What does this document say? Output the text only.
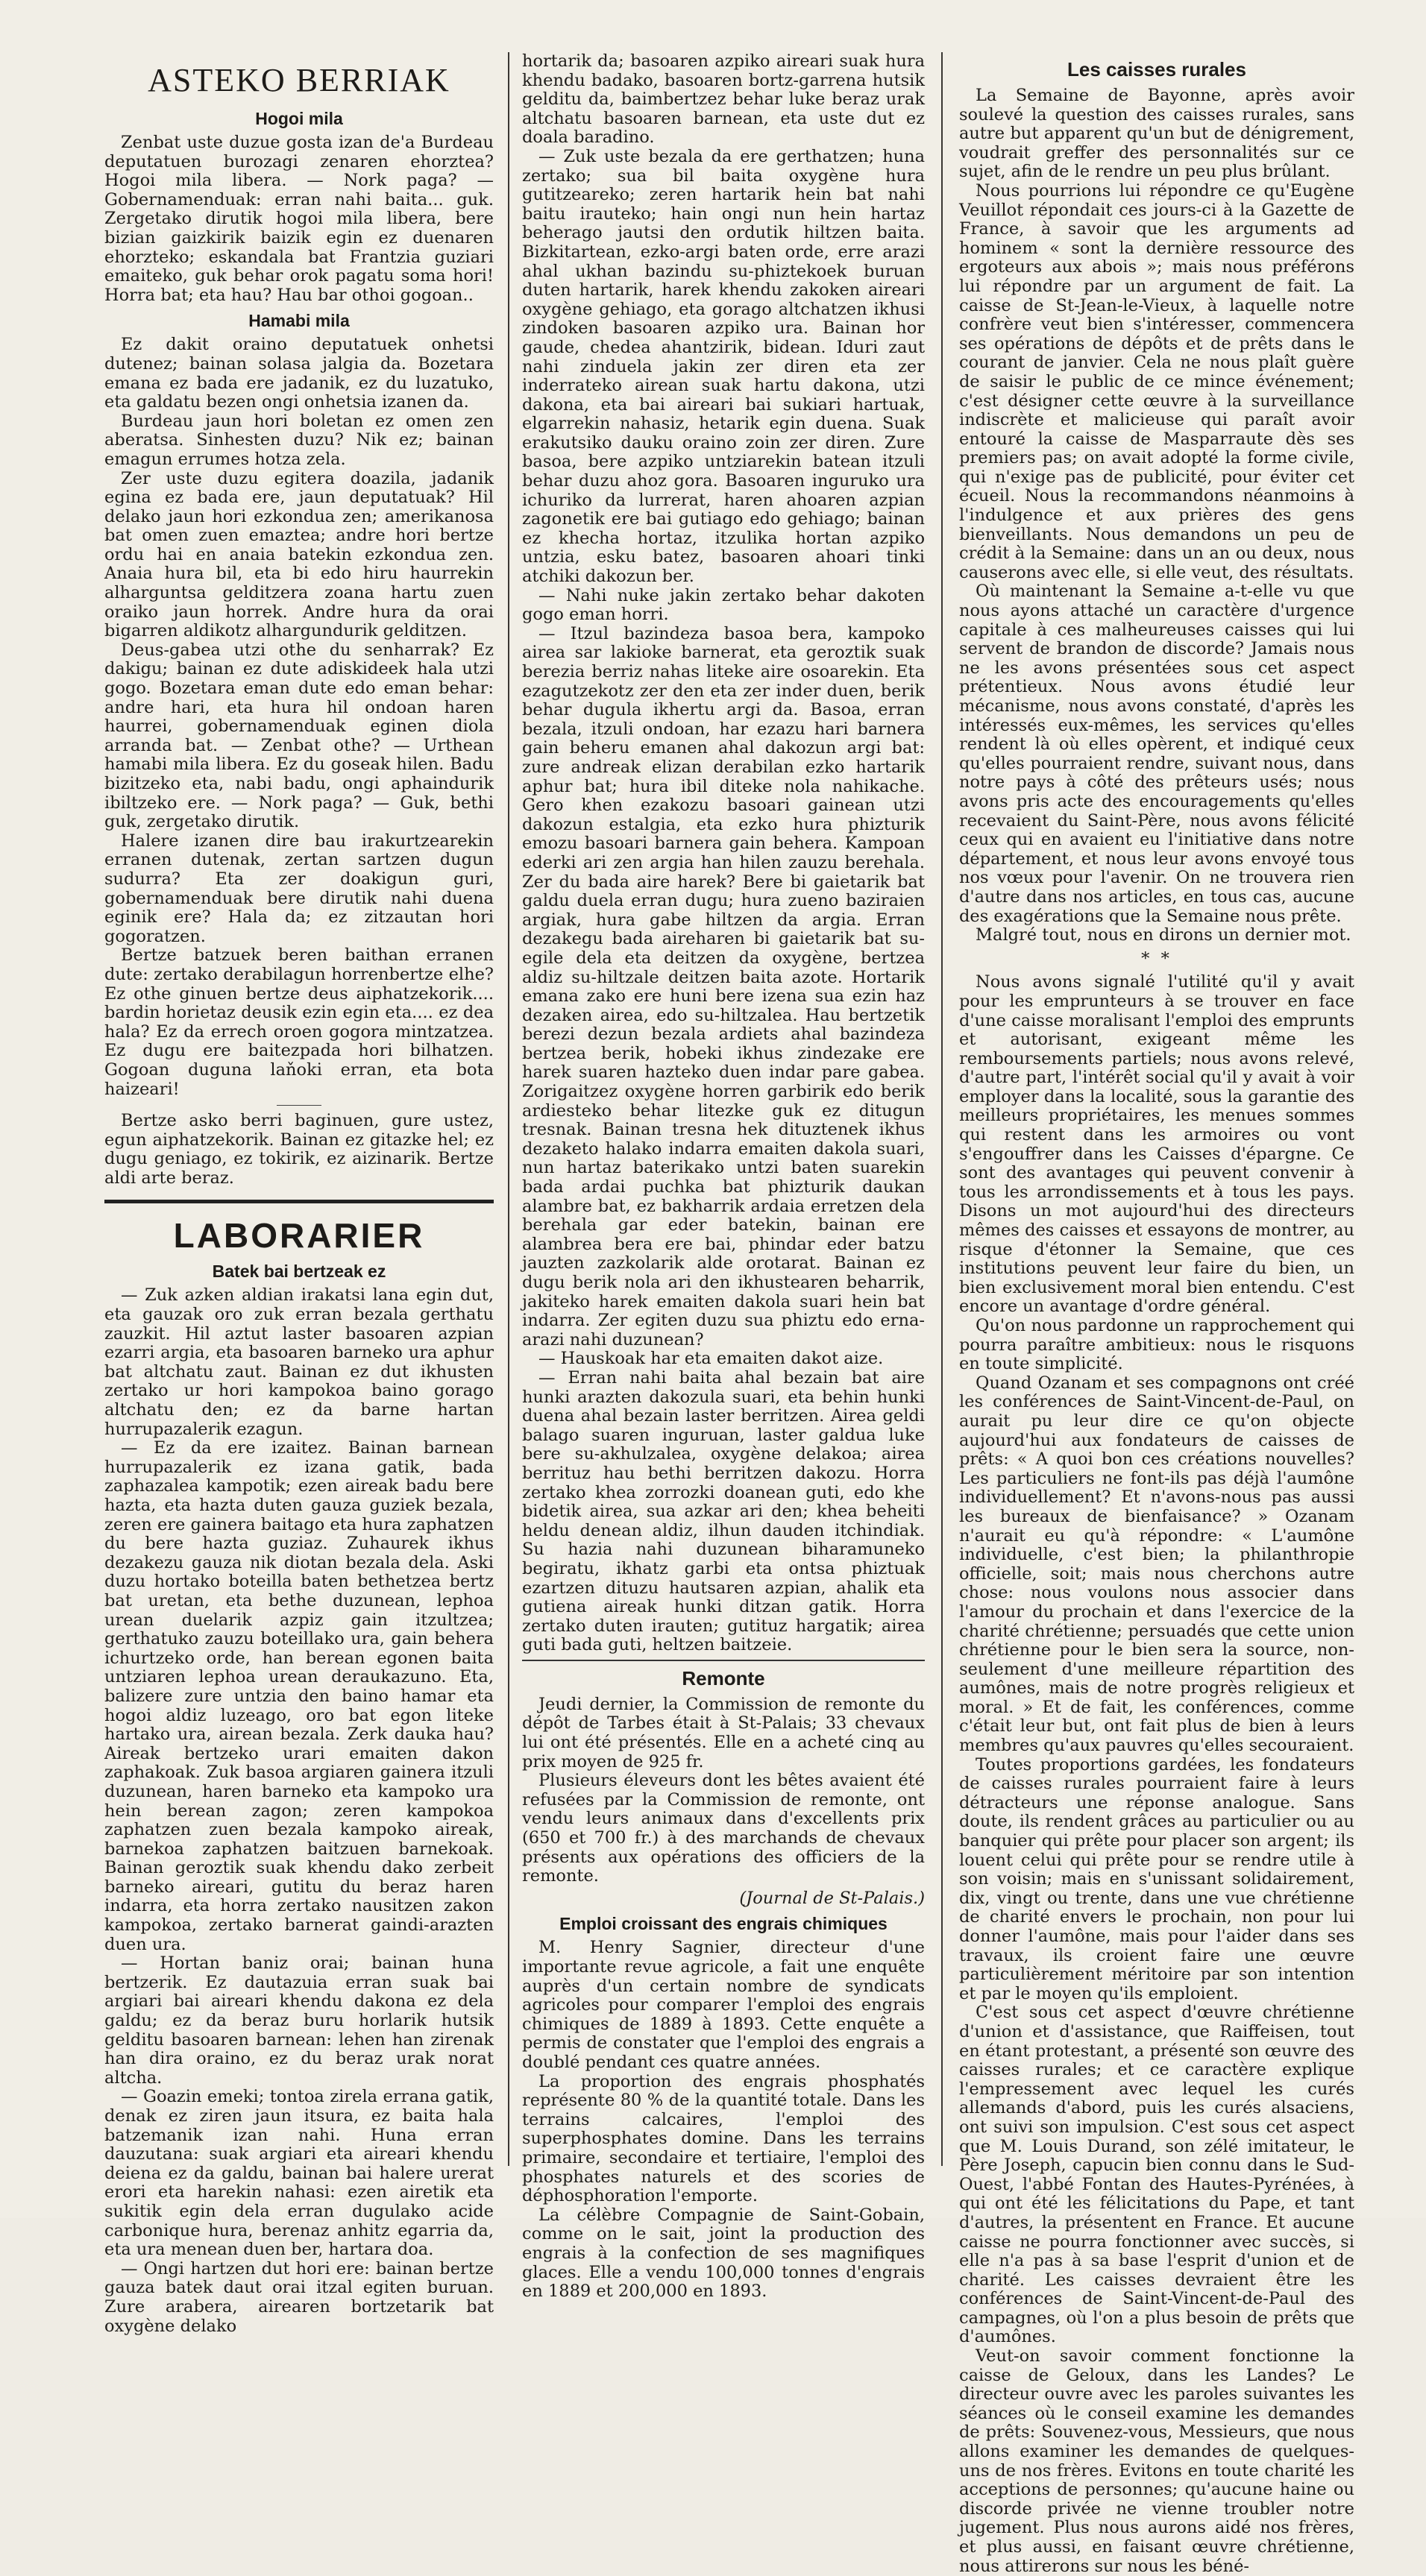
ASTEKO BERRIAK
Hogoi mila

Zenbat uste duzue gosta izan de'a Burdeau deputatuen burozagi zenaren ehorztea? Hogoi mila libera. — Nork paga? — Gobernamenduak: erran nahi baita... guk. Zergetako dirutik hogoi mila libera, bere bizian gaizkirik baizik egin ez duenaren ehorzteko; eskandala bat Frantzia guziari emaiteko, guk behar orok pagatu soma hori! Horra bat; eta hau? Hau bar othoi gogoan..

Hamabi mila

Ez dakit oraino deputatuek onhetsi dutenez; bainan solasa jalgia da. Bozetara emana ez bada ere jadanik, ez du luzatuko, eta galdatu bezen ongi onhetsia izanen da.

Burdeau jaun hori boletan ez omen zen aberatsa. Sinhesten duzu? Nik ez; bainan emagun errumes hotza zela.

Zer uste duzu egitera doazila, jadanik egina ez bada ere, jaun deputatuak? Hil delako jaun hori ezkondua zen; amerikanosa bat omen zuen emaztea; andre hori bertze ordu hai en anaia batekin ezkondua zen. Anaia hura bil, eta bi edo hiru haurrekin alharguntsa gelditzera zoana hartu zuen oraiko jaun horrek. Andre hura da orai bigarren aldikotz alhargundurik gelditzen.

Deus-gabea utzi othe du senharrak? Ez dakigu; bainan ez dute adiskideek hala utzi gogo. Bozetara eman dute edo eman behar: andre hari, eta hura hil ondoan haren haurrei, gobernamenduak eginen diola arranda bat. — Zenbat othe? — Urthean hamabi mila libera. Ez du goseak hilen. Badu bizitzeko eta, nabi badu, ongi aphaindurik ibiltzeko ere. — Nork paga? — Guk, bethi guk, zergetako dirutik.

Halere izanen dire bau irakurtzearekin erranen dutenak, zertan sartzen dugun sudurra? Eta zer doakigun guri, gobernamenduak bere dirutik nahi duena eginik ere? Hala da; ez zitzautan hori gogoratzen.

Bertze batzuek beren baithan erranen dute: zertako derabilagun horrenbertze elhe? Ez othe ginuen bertze deus aiphatzekorik.... bardin horietaz deusik ezin egin eta.... ez dea hala? Ez da errech oroen gogora mintzatzea. Ez dugu ere baitezpada hori bilhatzen. Gogoan duguna laňoki erran, eta bota haizeari!

Bertze asko berri baginuen, gure ustez, egun aiphatzekorik. Bainan ez gitazke hel; ez dugu geniago, ez tokirik, ez aizinarik. Bertze aldi arte beraz.

LABORARIER
Batek bai bertzeak ez

— Zuk azken aldian irakatsi lana egin dut, eta gauzak oro zuk erran bezala gerthatu zauzkit. Hil aztut laster basoaren azpian ezarri argia, eta basoaren barneko ura aphur bat altchatu zaut. Bainan ez dut ikhusten zertako ur hori kampokoa baino gorago altchatu den; ez da barne hartan hurrupazalerik ezagun.

— Ez da ere izaitez. Bainan barnean hurrupazalerik ez izana gatik, bada zaphazalea kampotik; ezen aireak badu bere hazta, eta hazta duten gauza guziek bezala, zeren ere gainera baitago eta hura zaphatzen du bere hazta guziaz. Zuhaurek ikhus dezakezu gauza nik diotan bezala dela. Aski duzu hortako boteilla baten bethetzea bertz bat uretan, eta bethe duzunean, lephoa urean duelarik azpiz gain itzultzea; gerthatuko zauzu boteillako ura, gain behera ichurtzeko orde, han berean egonen baita untziaren lephoa urean deraukazuno. Eta, balizere zure untzia den baino hamar eta hogoi aldiz luzeago, oro bat egon liteke hartako ura, airean bezala. Zerk dauka hau? Aireak bertzeko urari emaiten dakon zaphakoak. Zuk basoa argiaren gainera itzuli duzunean, haren barneko eta kampoko ura hein berean zagon; zeren kampokoa zaphatzen zuen bezala kampoko aireak, barnekoa zaphatzen baitzuen barnekoak. Bainan geroztik suak khendu dako zerbeit barneko aireari, gutitu du beraz haren indarra, eta horra zertako nausitzen zakon kampokoa, zertako barnerat gaindi-arazten duen ura.

— Hortan baniz orai; bainan huna bertzerik. Ez dautazuia erran suak bai argiari bai aireari khendu dakona ez dela galdu; ez da beraz buru horlarik hutsik gelditu basoaren barnean: lehen han zirenak han dira oraino, ez du beraz urak norat altcha.

— Goazin emeki; tontoa zirela errana gatik, denak ez ziren jaun itsura, ez baita hala batzemanik izan nahi. Huna erran dauzutana: suak argiari eta aireari khendu deiena ez da galdu, bainan bai halere urerat erori eta harekin nahasi: ezen airetik eta sukitik egin dela erran dugulako acide carbonique hura, berenaz anhitz egarria da, eta ura menean duen ber, hartara doa.

— Ongi hartzen dut hori ere: bainan bertze gauza batek daut orai itzal egiten buruan. Zure arabera, airearen bortzetarik bat oxygène delako

hortarik da; basoaren azpiko aireari suak hura khendu badako, basoaren bortz-garrena hutsik gelditu da, baimbertzez behar luke beraz urak altchatu basoaren barnean, eta uste dut ez doala baradino.

— Zuk uste bezala da ere gerthatzen; huna zertako; sua bil baita oxygène hura gutitzeareko; zeren hartarik hein bat nahi baitu irauteko; hain ongi nun hein hartaz beherago jautsi den ordutik hiltzen baita. Bizkitartean, ezko-argi baten orde, erre arazi ahal ukhan bazindu su-phiztekoek buruan duten hartarik, harek khendu zakoken aireari oxygène gehiago, eta gorago altchatzen ikhusi zindoken basoaren azpiko ura. Bainan hor gaude, chedea ahantzirik, bidean. Iduri zaut nahi zinduela jakin zer diren eta zer inderrateko airean suak hartu dakona, utzi dakona, eta bai aireari bai sukiari hartuak, elgarrekin nahasiz, hetarik egin duena. Suak erakutsiko dauku oraino zoin zer diren. Zure basoa, bere azpiko untziarekin batean itzuli behar duzu ahoz gora. Basoaren inguruko ura ichuriko da lurrerat, haren ahoaren azpian zagonetik ere bai gutiago edo gehiago; bainan ez khecha hortaz, itzulika hortan azpiko untzia, esku batez, basoaren ahoari tinki atchiki dakozun ber.

— Nahi nuke jakin zertako behar dakoten gogo eman horri.

— Itzul bazindeza basoa bera, kampoko airea sar lakioke barnerat, eta geroztik suak berezia berriz nahas liteke aire osoarekin. Eta ezagutzekotz zer den eta zer inder duen, berik behar dugula ikhertu argi da. Basoa, erran bezala, itzuli ondoan, har ezazu hari barnera gain beheru emanen ahal dakozun argi bat: zure andreak elizan derabilan ezko hartarik aphur bat; hura ibil diteke nola nahikache. Gero khen ezakozu basoari gainean utzi dakozun estalgia, eta ezko hura phizturik emozu basoari barnera gain behera. Kampoan ederki ari zen argia han hilen zauzu berehala. Zer du bada aire harek? Bere bi gaietarik bat galdu duela erran dugu; hura zueno baziraien argiak, hura gabe hiltzen da argia. Erran dezakegu bada aireharen bi gaietarik bat su-egile dela eta deitzen da oxygène, bertzea aldiz su-hiltzale deitzen baita azote. Hortarik emana zako ere huni bere izena sua ezin haz dezaken airea, edo su-hiltzalea. Hau bertzetik berezi dezun bezala ardiets ahal bazindeza bertzea berik, hobeki ikhus zindezake ere harek suaren hazteko duen indar pare gabea. Zorigaitzez oxygène horren garbirik edo berik ardiesteko behar litezke guk ez ditugun tresnak. Bainan tresna hek dituztenek ikhus dezaketo halako indarra emaiten dakola suari, nun hartaz baterikako untzi baten suarekin bada ardai puchka bat phizturik daukan alambre bat, ez bakharrik ardaia erretzen dela berehala gar eder batekin, bainan ere alambrea bera ere bai, phindar eder batzu jauzten zazkolarik alde orotarat. Bainan ez dugu berik nola ari den ikhustearen beharrik, jakiteko harek emaiten dakola suari hein bat indarra. Zer egiten duzu sua phiztu edo erna-arazi nahi duzunean?

— Hauskoak har eta emaiten dakot aize.

— Erran nahi baita ahal bezain bat aire hunki arazten dakozula suari, eta behin hunki duena ahal bezain laster berritzen. Airea geldi balago suaren inguruan, laster galdua luke bere su-akhulzalea, oxygène delakoa; airea berrituz hau bethi berritzen dakozu. Horra zertako khea zorrozki doanean guti, edo khe bidetik airea, sua azkar ari den; khea beheiti heldu denean aldiz, ilhun dauden itchindiak. Su hazia nahi duzunean biharamuneko begiratu, ikhatz garbi eta ontsa phiztuak ezartzen dituzu hautsaren azpian, ahalik eta gutiena aireak hunki ditzan gatik. Horra zertako duten irauten; gutituz hargatik; airea guti bada guti, heltzen baitzeie.

Remonte

Jeudi dernier, la Commission de remonte du dépôt de Tarbes était à St-Palais; 33 chevaux lui ont été présentés. Elle en a acheté cinq au prix moyen de 925 fr.

Plusieurs éleveurs dont les bêtes avaient été refusées par la Commission de remonte, ont vendu leurs animaux dans d'excellents prix (650 et 700 fr.) à des marchands de chevaux présents aux opérations des officiers de la remonte.

(Journal de St-Palais.)
Emploi croissant des engrais chimiques

M. Henry Sagnier, directeur d'une importante revue agricole, a fait une enquête auprès d'un certain nombre de syndicats agricoles pour comparer l'emploi des engrais chimiques de 1889 à 1893. Cette enquête a permis de constater que l'emploi des engrais a doublé pendant ces quatre années.

La proportion des engrais phosphatés représente 80 % de la quantité totale. Dans les terrains calcaires, l'emploi des superphosphates domine. Dans les terrains primaire, secondaire et tertiaire, l'emploi des phosphates naturels et des scories de déphosphoration l'emporte.

La célèbre Compagnie de Saint-Gobain, comme on le sait, joint la production des engrais à la confection de ses magnifiques glaces. Elle a vendu 100,000 tonnes d'engrais en 1889 et 200,000 en 1893.

Les caisses rurales

La Semaine de Bayonne, après avoir soulevé la question des caisses rurales, sans autre but apparent qu'un but de dénigrement, voudrait greffer des personnalités sur ce sujet, afin de le rendre un peu plus brûlant.

Nous pourrions lui répondre ce qu'Eugène Veuillot répondait ces jours-ci à la Gazette de France, à savoir que les arguments ad hominem « sont la dernière ressource des ergoteurs aux abois »; mais nous préférons lui répondre par un argument de fait. La caisse de St-Jean-le-Vieux, à laquelle notre confrère veut bien s'intéresser, commencera ses opérations de dépôts et de prêts dans le courant de janvier. Cela ne nous plaît guère de saisir le public de ce mince événement; c'est désigner cette œuvre à la surveillance indiscrète et malicieuse qui paraît avoir entouré la caisse de Masparraute dès ses premiers pas; on avait adopté la forme civile, qui n'exige pas de publicité, pour éviter cet écueil. Nous la recommandons néanmoins à l'indulgence et aux prières des gens bienveillants. Nous demandons un peu de crédit à la Semaine: dans un an ou deux, nous causerons avec elle, si elle veut, des résultats.

Où maintenant la Semaine a-t-elle vu que nous ayons attaché un caractère d'urgence capitale à ces malheureuses caisses qui lui servent de brandon de discorde? Jamais nous ne les avons présentées sous cet aspect prétentieux. Nous avons étudié leur mécanisme, nous avons constaté, d'après les intéressés eux-mêmes, les services qu'elles rendent là où elles opèrent, et indiqué ceux qu'elles pourraient rendre, suivant nous, dans notre pays à côté des prêteurs usés; nous avons pris acte des encouragements qu'elles recevaient du Saint-Père, nous avons félicité ceux qui en avaient eu l'initiative dans notre département, et nous leur avons envoyé tous nos vœux pour l'avenir. On ne trouvera rien d'autre dans nos articles, en tous cas, aucune des exagérations que la Semaine nous prête.

Malgré tout, nous en dirons un dernier mot.

* *

Nous avons signalé l'utilité qu'il y avait pour les emprunteurs à se trouver en face d'une caisse moralisant l'emploi des emprunts et autorisant, exigeant même les remboursements partiels; nous avons relevé, d'autre part, l'intérêt social qu'il y avait à voir employer dans la localité, sous la garantie des meilleurs propriétaires, les menues sommes qui restent dans les armoires ou vont s'engouffrer dans les Caisses d'épargne. Ce sont des avantages qui peuvent convenir à tous les arrondissements et à tous les pays. Disons un mot aujourd'hui des directeurs mêmes des caisses et essayons de montrer, au risque d'étonner la Semaine, que ces institutions peuvent leur faire du bien, un bien exclusivement moral bien entendu. C'est encore un avantage d'ordre général.

Qu'on nous pardonne un rapprochement qui pourra paraître ambitieux: nous le risquons en toute simplicité.

Quand Ozanam et ses compagnons ont créé les conférences de Saint-Vincent-de-Paul, on aurait pu leur dire ce qu'on objecte aujourd'hui aux fondateurs de caisses de prêts: « A quoi bon ces créations nouvelles? Les particuliers ne font-ils pas déjà l'aumône individuellement? Et n'avons-nous pas aussi les bureaux de bienfaisance? » Ozanam n'aurait eu qu'à répondre: « L'aumône individuelle, c'est bien; la philanthropie officielle, soit; mais nous cherchons autre chose: nous voulons nous associer dans l'amour du prochain et dans l'exercice de la charité chrétienne; persuadés que cette union chrétienne pour le bien sera la source, non-seulement d'une meilleure répartition des aumônes, mais de notre progrès religieux et moral. » Et de fait, les conférences, comme c'était leur but, ont fait plus de bien à leurs membres qu'aux pauvres qu'elles secouraient.

Toutes proportions gardées, les fondateurs de caisses rurales pourraient faire à leurs détracteurs une réponse analogue. Sans doute, ils rendent grâces au particulier ou au banquier qui prête pour placer son argent; ils louent celui qui prête pour se rendre utile à son voisin; mais en s'unissant solidairement, dix, vingt ou trente, dans une vue chrétienne de charité envers le prochain, non pour lui donner l'aumône, mais pour l'aider dans ses travaux, ils croient faire une œuvre particulièrement méritoire par son intention et par le moyen qu'ils emploient.

C'est sous cet aspect d'œuvre chrétienne d'union et d'assistance, que Raiffeisen, tout en étant protestant, a présenté son œuvre des caisses rurales; et ce caractère explique l'empressement avec lequel les curés allemands d'abord, puis les curés alsaciens, ont suivi son impulsion. C'est sous cet aspect que M. Louis Durand, son zélé imitateur, le Père Joseph, capucin bien connu dans le Sud-Ouest, l'abbé Fontan des Hautes-Pyrénées, à qui ont été les félicitations du Pape, et tant d'autres, la présentent en France. Et aucune caisse ne pourra fonctionner avec succès, si elle n'a pas à sa base l'esprit d'union et de charité. Les caisses devraient être les conférences de Saint-Vincent-de-Paul des campagnes, où l'on a plus besoin de prêts que d'aumônes.

Veut-on savoir comment fonctionne la caisse de Geloux, dans les Landes? Le directeur ouvre avec les paroles suivantes les séances où le conseil examine les demandes de prêts: Souvenez-vous, Messieurs, que nous allons examiner les demandes de quelques-uns de nos frères. Evitons en toute charité les acceptions de personnes; qu'aucune haine ou discorde privée ne vienne troubler notre jugement. Plus nous aurons aidé nos frères, et plus aussi, en faisant œuvre chrétienne, nous attirerons sur nous les béné-
